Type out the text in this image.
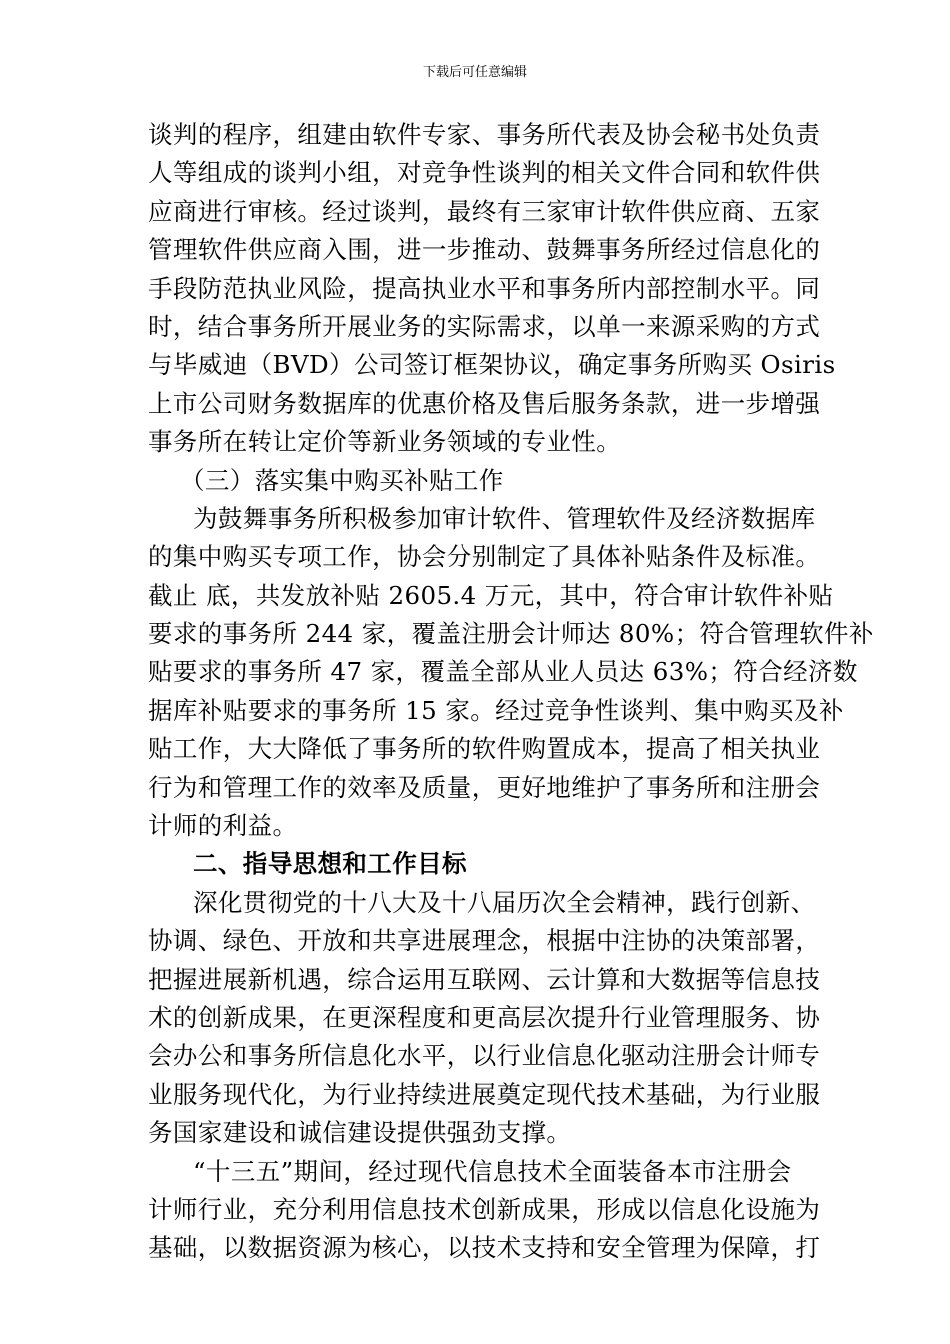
下载后可任意编辑
谈判的程序，组建由软件专家、事务所代表及协会秘书处负责
人等组成的谈判小组，对竞争性谈判的相关文件合同和软件供
应商进行审核。经过谈判，最终有三家审计软件供应商、五家
管理软件供应商入围，进一步推动、鼓舞事务所经过信息化的
手段防范执业风险，提高执业水平和事务所内部控制水平。同
时，结合事务所开展业务的实际需求，以单一来源采购的方式
与毕威迪（BVD）公司签订框架协议，确定事务所购买 Osiris
上市公司财务数据库的优惠价格及售后服务条款，进一步增强
事务所在转让定价等新业务领域的专业性。
（三）落实集中购买补贴工作
为鼓舞事务所积极参加审计软件、管理软件及经济数据库
的集中购买专项工作，协会分别制定了具体补贴条件及标准。
截止 底，共发放补贴 2605.4 万元，其中，符合审计软件补贴
要求的事务所 244 家，覆盖注册会计师达 80%；符合管理软件补
贴要求的事务所 47 家，覆盖全部从业人员达 63%；符合经济数
据库补贴要求的事务所 15 家。经过竞争性谈判、集中购买及补
贴工作，大大降低了事务所的软件购置成本，提高了相关执业
行为和管理工作的效率及质量，更好地维护了事务所和注册会
计师的利益。
二、指导思想和工作目标
深化贯彻党的十八大及十八届历次全会精神，践行创新、
协调、绿色、开放和共享进展理念，根据中注协的决策部署，
把握进展新机遇，综合运用互联网、云计算和大数据等信息技
术的创新成果，在更深程度和更高层次提升行业管理服务、协
会办公和事务所信息化水平，以行业信息化驱动注册会计师专
业服务现代化，为行业持续进展奠定现代技术基础，为行业服
务国家建设和诚信建设提供强劲支撑。
“十三五”期间，经过现代信息技术全面装备本市注册会
计师行业，充分利用信息技术创新成果，形成以信息化设施为
基础，以数据资源为核心，以技术支持和安全管理为保障，打
